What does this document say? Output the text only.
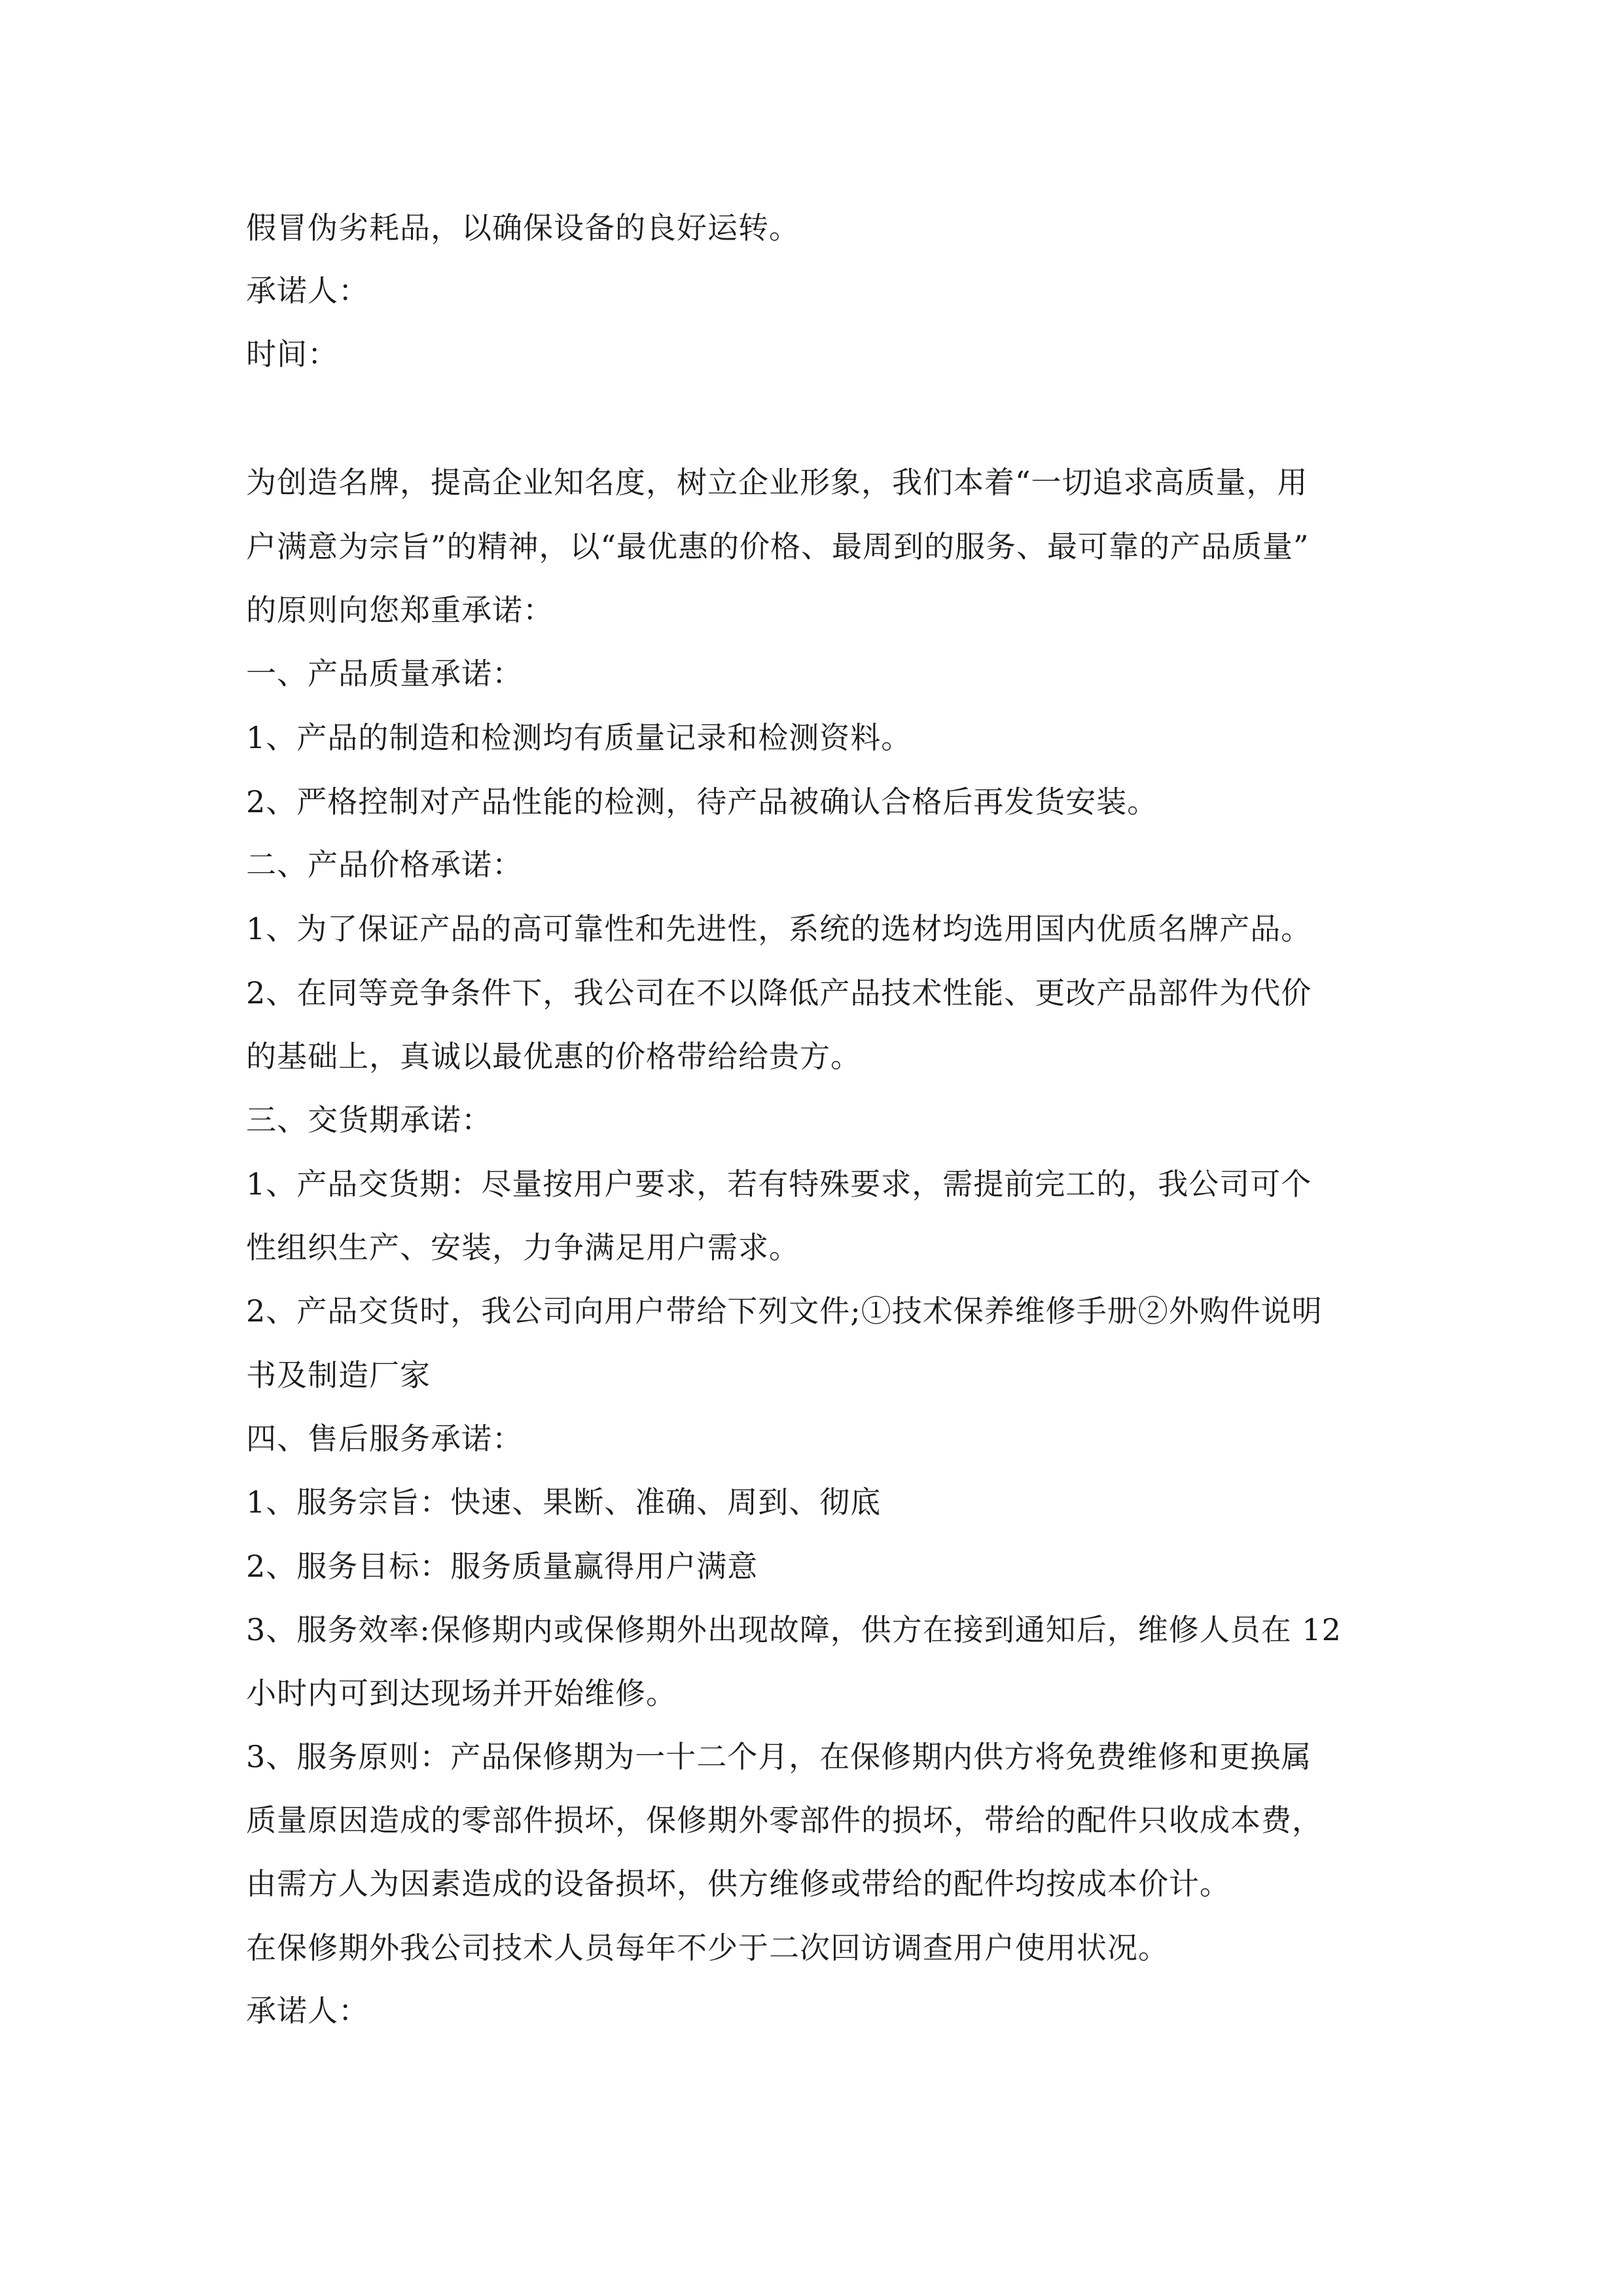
假冒伪劣耗品，以确保设备的良好运转。
承诺人：
时间：
为创造名牌，提高企业知名度，树立企业形象，我们本着“一切追求高质量，用
户满意为宗旨”的精神，以“最优惠的价格、最周到的服务、最可靠的产品质量”
的原则向您郑重承诺：
一、产品质量承诺：
1、产品的制造和检测均有质量记录和检测资料。
2、严格控制对产品性能的检测，待产品被确认合格后再发货安装。
二、产品价格承诺：
1、为了保证产品的高可靠性和先进性，系统的选材均选用国内优质名牌产品。
2、在同等竞争条件下，我公司在不以降低产品技术性能、更改产品部件为代价
的基础上，真诚以最优惠的价格带给给贵方。
三、交货期承诺：
1、产品交货期：尽量按用户要求，若有特殊要求，需提前完工的，我公司可个
性组织生产、安装，力争满足用户需求。
2、产品交货时，我公司向用户带给下列文件;①技术保养维修手册②外购件说明
书及制造厂家
四、售后服务承诺：
1、服务宗旨：快速、果断、准确、周到、彻底
2、服务目标：服务质量赢得用户满意
3、服务效率:保修期内或保修期外出现故障，供方在接到通知后，维修人员在 12
小时内可到达现场并开始维修。
3、服务原则：产品保修期为一十二个月，在保修期内供方将免费维修和更换属
质量原因造成的零部件损坏，保修期外零部件的损坏，带给的配件只收成本费，
由需方人为因素造成的设备损坏，供方维修或带给的配件均按成本价计。
在保修期外我公司技术人员每年不少于二次回访调查用户使用状况。
承诺人：
